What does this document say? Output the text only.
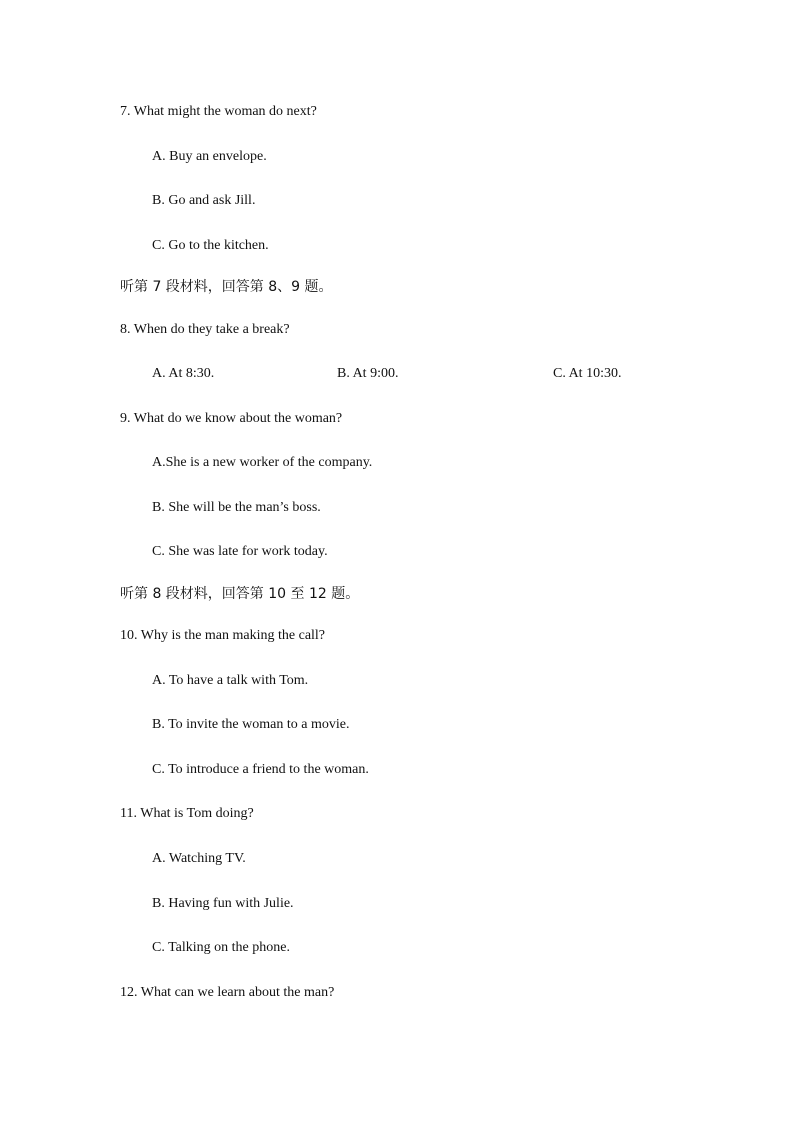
7. What might the woman do next?
A. Buy an envelope.
B. Go and ask Jill.
C. Go to the kitchen.
听第 7 段材料，回答第 8、9 题。
8. When do they take a break?
A. At 8:30.	B. At 9:00.	C. At 10:30.
9. What do we know about the woman?
A.She is a new worker of the company.
B. She will be the man’s boss.
C. She was late for work today.
听第 8 段材料，回答第 10 至 12 题。
10. Why is the man making the call?
A. To have a talk with Tom.
B. To invite the woman to a movie.
C. To introduce a friend to the woman.
11. What is Tom doing?
A. Watching TV.
B. Having fun with Julie.
C. Talking on the phone.
12. What can we learn about the man?
